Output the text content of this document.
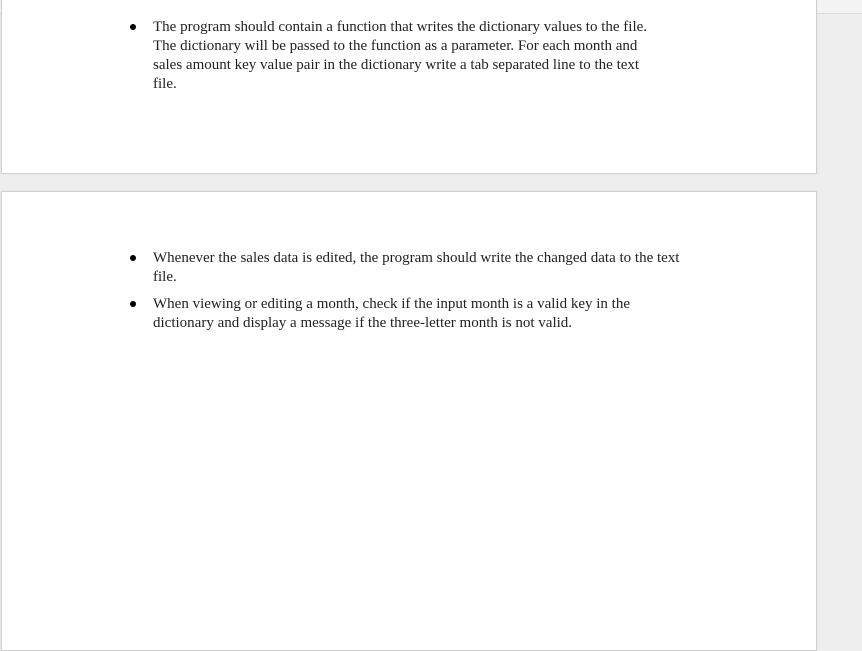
The program should contain a function that writes the dictionary values to the file. The dictionary will be passed to the function as a parameter. For each month and sales amount key value pair in the dictionary write a tab separated line to the text file.
Whenever the sales data is edited, the program should write the changed data to the text file.
When viewing or editing a month, check if the input month is a valid key in the dictionary and display a message if the three-letter month is not valid.
